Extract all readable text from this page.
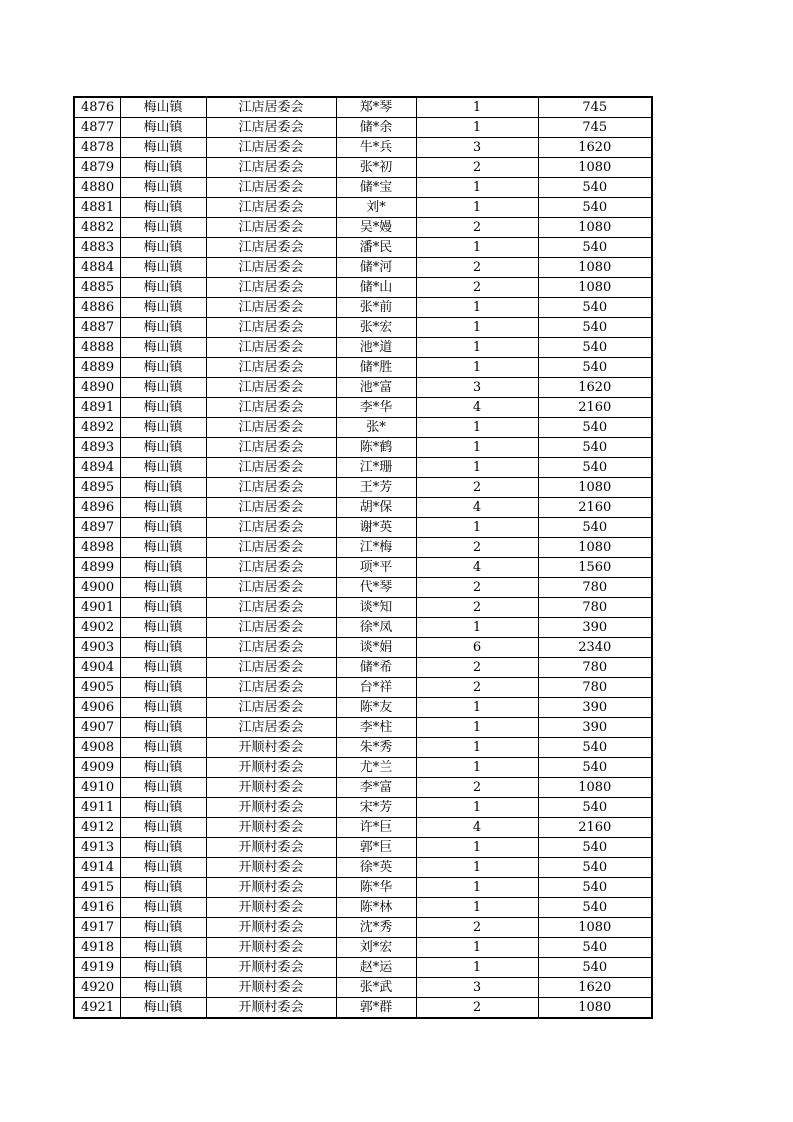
4876	梅山镇	江店居委会	郑*琴	1	745
4877	梅山镇	江店居委会	储*余	1	745
4878	梅山镇	江店居委会	牛*兵	3	1620
4879	梅山镇	江店居委会	张*初	2	1080
4880	梅山镇	江店居委会	储*宝	1	540
4881	梅山镇	江店居委会	刘*	1	540
4882	梅山镇	江店居委会	吴*嫚	2	1080
4883	梅山镇	江店居委会	潘*民	1	540
4884	梅山镇	江店居委会	储*河	2	1080
4885	梅山镇	江店居委会	储*山	2	1080
4886	梅山镇	江店居委会	张*前	1	540
4887	梅山镇	江店居委会	张*宏	1	540
4888	梅山镇	江店居委会	池*道	1	540
4889	梅山镇	江店居委会	储*胜	1	540
4890	梅山镇	江店居委会	池*富	3	1620
4891	梅山镇	江店居委会	李*华	4	2160
4892	梅山镇	江店居委会	张*	1	540
4893	梅山镇	江店居委会	陈*鹤	1	540
4894	梅山镇	江店居委会	江*珊	1	540
4895	梅山镇	江店居委会	王*芳	2	1080
4896	梅山镇	江店居委会	胡*保	4	2160
4897	梅山镇	江店居委会	谢*英	1	540
4898	梅山镇	江店居委会	江*梅	2	1080
4899	梅山镇	江店居委会	项*平	4	1560
4900	梅山镇	江店居委会	代*琴	2	780
4901	梅山镇	江店居委会	谈*知	2	780
4902	梅山镇	江店居委会	徐*凤	1	390
4903	梅山镇	江店居委会	谈*娟	6	2340
4904	梅山镇	江店居委会	储*希	2	780
4905	梅山镇	江店居委会	台*祥	2	780
4906	梅山镇	江店居委会	陈*友	1	390
4907	梅山镇	江店居委会	李*柱	1	390
4908	梅山镇	开顺村委会	朱*秀	1	540
4909	梅山镇	开顺村委会	尤*兰	1	540
4910	梅山镇	开顺村委会	李*富	2	1080
4911	梅山镇	开顺村委会	宋*芳	1	540
4912	梅山镇	开顺村委会	许*巨	4	2160
4913	梅山镇	开顺村委会	郭*巨	1	540
4914	梅山镇	开顺村委会	徐*英	1	540
4915	梅山镇	开顺村委会	陈*华	1	540
4916	梅山镇	开顺村委会	陈*林	1	540
4917	梅山镇	开顺村委会	沈*秀	2	1080
4918	梅山镇	开顺村委会	刘*宏	1	540
4919	梅山镇	开顺村委会	赵*运	1	540
4920	梅山镇	开顺村委会	张*武	3	1620
4921	梅山镇	开顺村委会	郭*群	2	1080
